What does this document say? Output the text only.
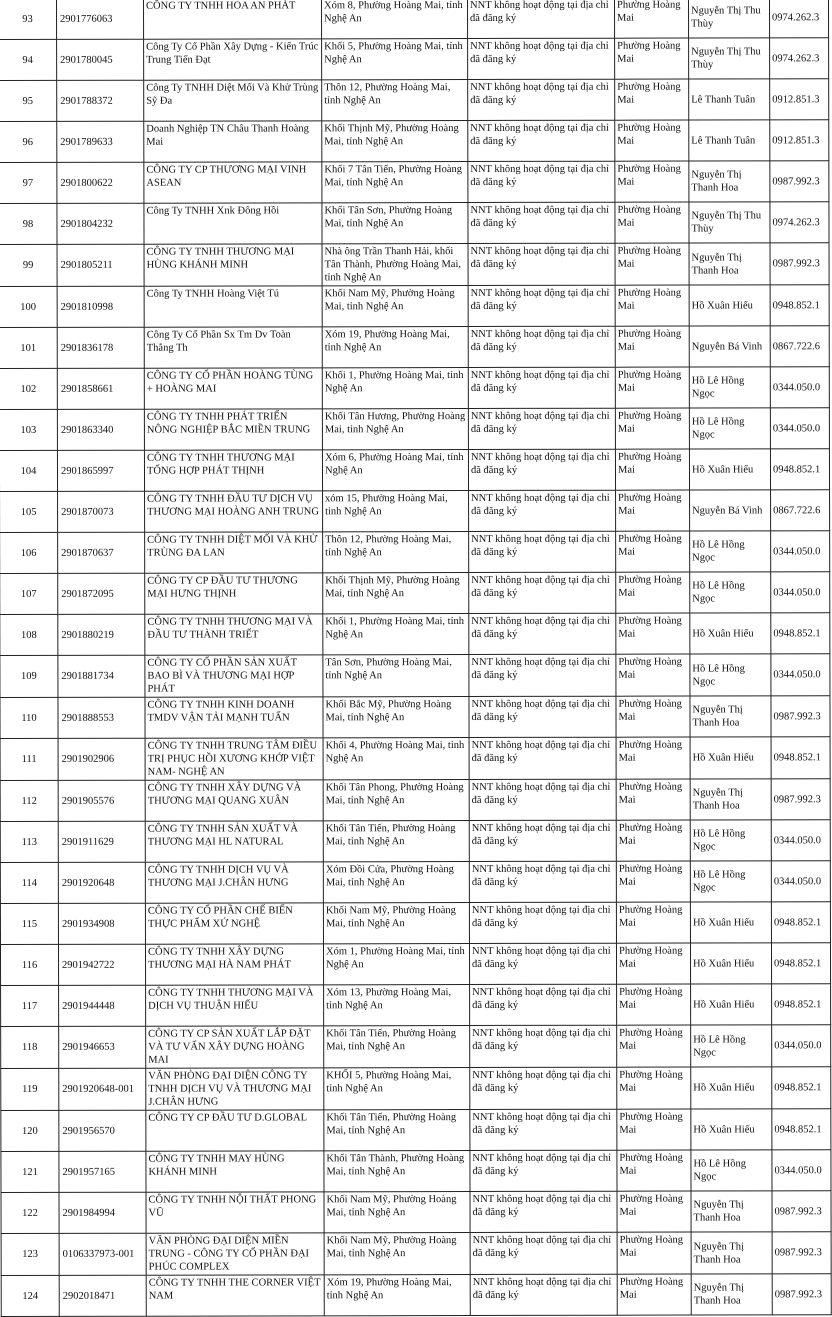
93	2901776063	CÔNG TY TNHH HOA AN PHÁT	Xóm 8, Phường Hoàng Mai, tỉnh Nghệ An	NNT không hoạt động tại địa chỉ đã đăng ký	Phường Hoàng Mai	Nguyễn Thị Thu Thùy	0974.262.3
94	2901780045	Công Ty Cổ Phần Xây Dựng - Kiến Trúc Trung Tiến Đạt	Khối 5, Phường Hoàng Mai, tỉnh Nghệ An	NNT không hoạt động tại địa chỉ đã đăng ký	Phường Hoàng Mai	Nguyễn Thị Thu Thùy	0974.262.3
95	2901788372	Công Ty TNHH Diệt Mối Và Khử Trùng Sỹ Đa	Thôn 12, Phường Hoàng Mai, tỉnh Nghệ An	NNT không hoạt động tại địa chỉ đã đăng ký	Phường Hoàng Mai	Lê Thanh Tuân	0912.851.3
96	2901789633	Doanh Nghiệp TN Châu Thanh Hoàng Mai	Khối Thịnh Mỹ, Phường Hoàng Mai, tỉnh Nghệ An	NNT không hoạt động tại địa chỉ đã đăng ký	Phường Hoàng Mai	Lê Thanh Tuân	0912.851.3
97	2901800622	CÔNG TY CP THƯƠNG MẠI VINH ASEAN	Khối 7 Tân Tiến, Phường Hoàng Mai, tỉnh Nghệ An	NNT không hoạt động tại địa chỉ đã đăng ký	Phường Hoàng Mai	Nguyễn Thị Thanh Hoa	0987.992.3
98	2901804232	Công Ty TNHH Xnk Đông Hồi	Khối Tân Sơn, Phường Hoàng Mai, tỉnh Nghệ An	NNT không hoạt động tại địa chỉ đã đăng ký	Phường Hoàng Mai	Nguyễn Thị Thu Thùy	0974.262.3
99	2901805211	CÔNG TY TNHH THƯƠNG MẠI HÙNG KHÁNH MINH	Nhà ông Trần Thanh Hải, khối Tân Thành, Phường Hoàng Mai, tỉnh Nghệ An	NNT không hoạt động tại địa chỉ đã đăng ký	Phường Hoàng Mai	Nguyễn Thị Thanh Hoa	0987.992.3
100	2901810998	Công Ty TNHH Hoàng Việt Tú	Khối Nam Mỹ, Phường Hoàng Mai, tỉnh Nghệ An	NNT không hoạt động tại địa chỉ đã đăng ký	Phường Hoàng Mai	Hồ Xuân Hiếu	0948.852.1
101	2901836178	Công Ty Cổ Phần Sx Tm Dv Toàn Thắng Th	Xóm 19, Phường Hoàng Mai, tỉnh Nghệ An	NNT không hoạt động tại địa chỉ đã đăng ký	Phường Hoàng Mai	Nguyễn Bá Vinh	0867.722.6
102	2901858661	CÔNG TY CỔ PHẦN HOÀNG TÙNG + HOÀNG MAI	Khối 1, Phường Hoàng Mai, tỉnh Nghệ An	NNT không hoạt động tại địa chỉ đã đăng ký	Phường Hoàng Mai	Hồ Lê Hồng Ngọc	0344.050.0
103	2901863340	CÔNG TY TNHH PHÁT TRIỂN NÔNG NGHIỆP BẮC MIỀN TRUNG	Khối Tân Hương, Phường Hoàng Mai, tỉnh Nghệ An	NNT không hoạt động tại địa chỉ đã đăng ký	Phường Hoàng Mai	Hồ Lê Hồng Ngọc	0344.050.0
104	2901865997	CÔNG TY TNHH THƯƠNG MẠI TỔNG HỢP PHÁT THỊNH	Xóm 6, Phường Hoàng Mai, tỉnh Nghệ An	NNT không hoạt động tại địa chỉ đã đăng ký	Phường Hoàng Mai	Hồ Xuân Hiếu	0948.852.1
105	2901870073	CÔNG TY TNHH ĐẦU TƯ DỊCH VỤ THƯƠNG MẠI HOÀNG ANH TRUNG	xóm 15, Phường Hoàng Mai, tỉnh Nghệ An	NNT không hoạt động tại địa chỉ đã đăng ký	Phường Hoàng Mai	Nguyễn Bá Vinh	0867.722.6
106	2901870637	CÔNG TY TNHH DIỆT MỐI VÀ KHỬ TRÙNG ĐA LAN	Thôn 12, Phường Hoàng Mai, tỉnh Nghệ An	NNT không hoạt động tại địa chỉ đã đăng ký	Phường Hoàng Mai	Hồ Lê Hồng Ngọc	0344.050.0
107	2901872095	CÔNG TY CP ĐẦU TƯ THƯƠNG MẠI HƯNG THỊNH	Khối Thịnh Mỹ, Phường Hoàng Mai, tỉnh Nghệ An	NNT không hoạt động tại địa chỉ đã đăng ký	Phường Hoàng Mai	Hồ Lê Hồng Ngọc	0344.050.0
108	2901880219	CÔNG TY TNHH THƯƠNG MẠI VÀ ĐẦU TƯ THÀNH TRIẾT	Khối 1, Phường Hoàng Mai, tỉnh Nghệ An	NNT không hoạt động tại địa chỉ đã đăng ký	Phường Hoàng Mai	Hồ Xuân Hiếu	0948.852.1
109	2901881734	CÔNG TY CỔ PHẦN SẢN XUẤT BAO BÌ VÀ THƯƠNG MẠI HỢP PHÁT	Tân Sơn, Phường Hoàng Mai, tỉnh Nghệ An	NNT không hoạt động tại địa chỉ đã đăng ký	Phường Hoàng Mai	Hồ Lê Hồng Ngọc	0344.050.0
110	2901888553	CÔNG TY TNHH KINH DOANH TMDV VẬN TẢI MẠNH TUẤN	Khối Bắc Mỹ, Phường Hoàng Mai, tỉnh Nghệ An	NNT không hoạt động tại địa chỉ đã đăng ký	Phường Hoàng Mai	Nguyễn Thị Thanh Hoa	0987.992.3
111	2901902906	CÔNG TY TNHH TRUNG TÂM ĐIỀU TRỊ PHỤC HỒI XƯƠNG KHỚP VIỆT NAM- NGHỆ AN	Khối 4, Phường Hoàng Mai, tỉnh Nghệ An	NNT không hoạt động tại địa chỉ đã đăng ký	Phường Hoàng Mai	Hồ Xuân Hiếu	0948.852.1
112	2901905576	CÔNG TY TNHH XÂY DỰNG VÀ THƯƠNG MẠI QUANG XUÂN	Khối Tân Phong, Phường Hoàng Mai, tỉnh Nghệ An	NNT không hoạt động tại địa chỉ đã đăng ký	Phường Hoàng Mai	Nguyễn Thị Thanh Hoa	0987.992.3
113	2901911629	CÔNG TY TNHH SẢN XUẤT VÀ THƯƠNG MẠI HL NATURAL	Khối Tân Tiến, Phường Hoàng Mai, tỉnh Nghệ An	NNT không hoạt động tại địa chỉ đã đăng ký	Phường Hoàng Mai	Hồ Lê Hồng Ngọc	0344.050.0
114	2901920648	CÔNG TY TNHH DỊCH VỤ VÀ THƯƠNG MẠI J.CHÂN HƯNG	Xóm Đồi Cửa, Phường Hoàng Mai, tỉnh Nghệ An	NNT không hoạt động tại địa chỉ đã đăng ký	Phường Hoàng Mai	Hồ Lê Hồng Ngọc	0344.050.0
115	2901934908	CÔNG TY CỔ PHẦN CHẾ BIẾN THỰC PHẨM XỨ NGHỆ	Khối Nam Mỹ, Phường Hoàng Mai, tỉnh Nghệ An	NNT không hoạt động tại địa chỉ đã đăng ký	Phường Hoàng Mai	Hồ Xuân Hiếu	0948.852.1
116	2901942722	CÔNG TY TNHH XÂY DỰNG THƯƠNG MẠI HÀ NAM PHÁT	Xóm 1, Phường Hoàng Mai, tỉnh Nghệ An	NNT không hoạt động tại địa chỉ đã đăng ký	Phường Hoàng Mai	Hồ Xuân Hiếu	0948.852.1
117	2901944448	CÔNG TY TNHH THƯƠNG MẠI VÀ DỊCH VỤ THUẬN HIẾU	Xóm 13, Phường Hoàng Mai, tỉnh Nghệ An	NNT không hoạt động tại địa chỉ đã đăng ký	Phường Hoàng Mai	Hồ Xuân Hiếu	0948.852.1
118	2901946653	CÔNG TY CP SẢN XUẤT LẮP ĐẶT VÀ TƯ VẤN XÂY DỰNG HOÀNG MAI	Khối Tân Tiến, Phường Hoàng Mai, tỉnh Nghệ An	NNT không hoạt động tại địa chỉ đã đăng ký	Phường Hoàng Mai	Hồ Lê Hồng Ngọc	0344.050.0
119	2901920648-001	VĂN PHÒNG ĐẠI DIỆN CÔNG TY TNHH DỊCH VỤ VÀ THƯƠNG MẠI J.CHÂN HƯNG	KHỐI 5, Phường Hoàng Mai, tỉnh Nghệ An	NNT không hoạt động tại địa chỉ đã đăng ký	Phường Hoàng Mai	Hồ Xuân Hiếu	0948.852.1
120	2901956570	CÔNG TY CP ĐẦU TƯ D.GLOBAL	Khối Tân Tiến, Phường Hoàng Mai, tỉnh Nghệ An	NNT không hoạt động tại địa chỉ đã đăng ký	Phường Hoàng Mai	Hồ Xuân Hiếu	0948.852.1
121	2901957165	CÔNG TY TNHH MAY HÙNG KHÁNH MINH	Khối Tân Thành, Phường Hoàng Mai, tỉnh Nghệ An	NNT không hoạt động tại địa chỉ đã đăng ký	Phường Hoàng Mai	Hồ Lê Hồng Ngọc	0344.050.0
122	2901984994	CÔNG TY TNHH NỘI THẤT PHONG VŨ	Khối Nam Mỹ, Phường Hoàng Mai, tỉnh Nghệ An	NNT không hoạt động tại địa chỉ đã đăng ký	Phường Hoàng Mai	Nguyễn Thị Thanh Hoa	0987.992.3
123	0106337973-001	VĂN PHÒNG ĐẠI DIỆN MIỀN TRUNG - CÔNG TY CỔ PHẦN ĐẠI PHÚC COMPLEX	Khối Nam Mỹ, Phường Hoàng Mai, tỉnh Nghệ An	NNT không hoạt động tại địa chỉ đã đăng ký	Phường Hoàng Mai	Nguyễn Thị Thanh Hoa	0987.992.3
124	2902018471	CÔNG TY TNHH THE CORNER VIỆT NAM	Xóm 19, Phường Hoàng Mai, tỉnh Nghệ An	NNT không hoạt động tại địa chỉ đã đăng ký	Phường Hoàng Mai	Nguyễn Thị Thanh Hoa	0987.992.3
